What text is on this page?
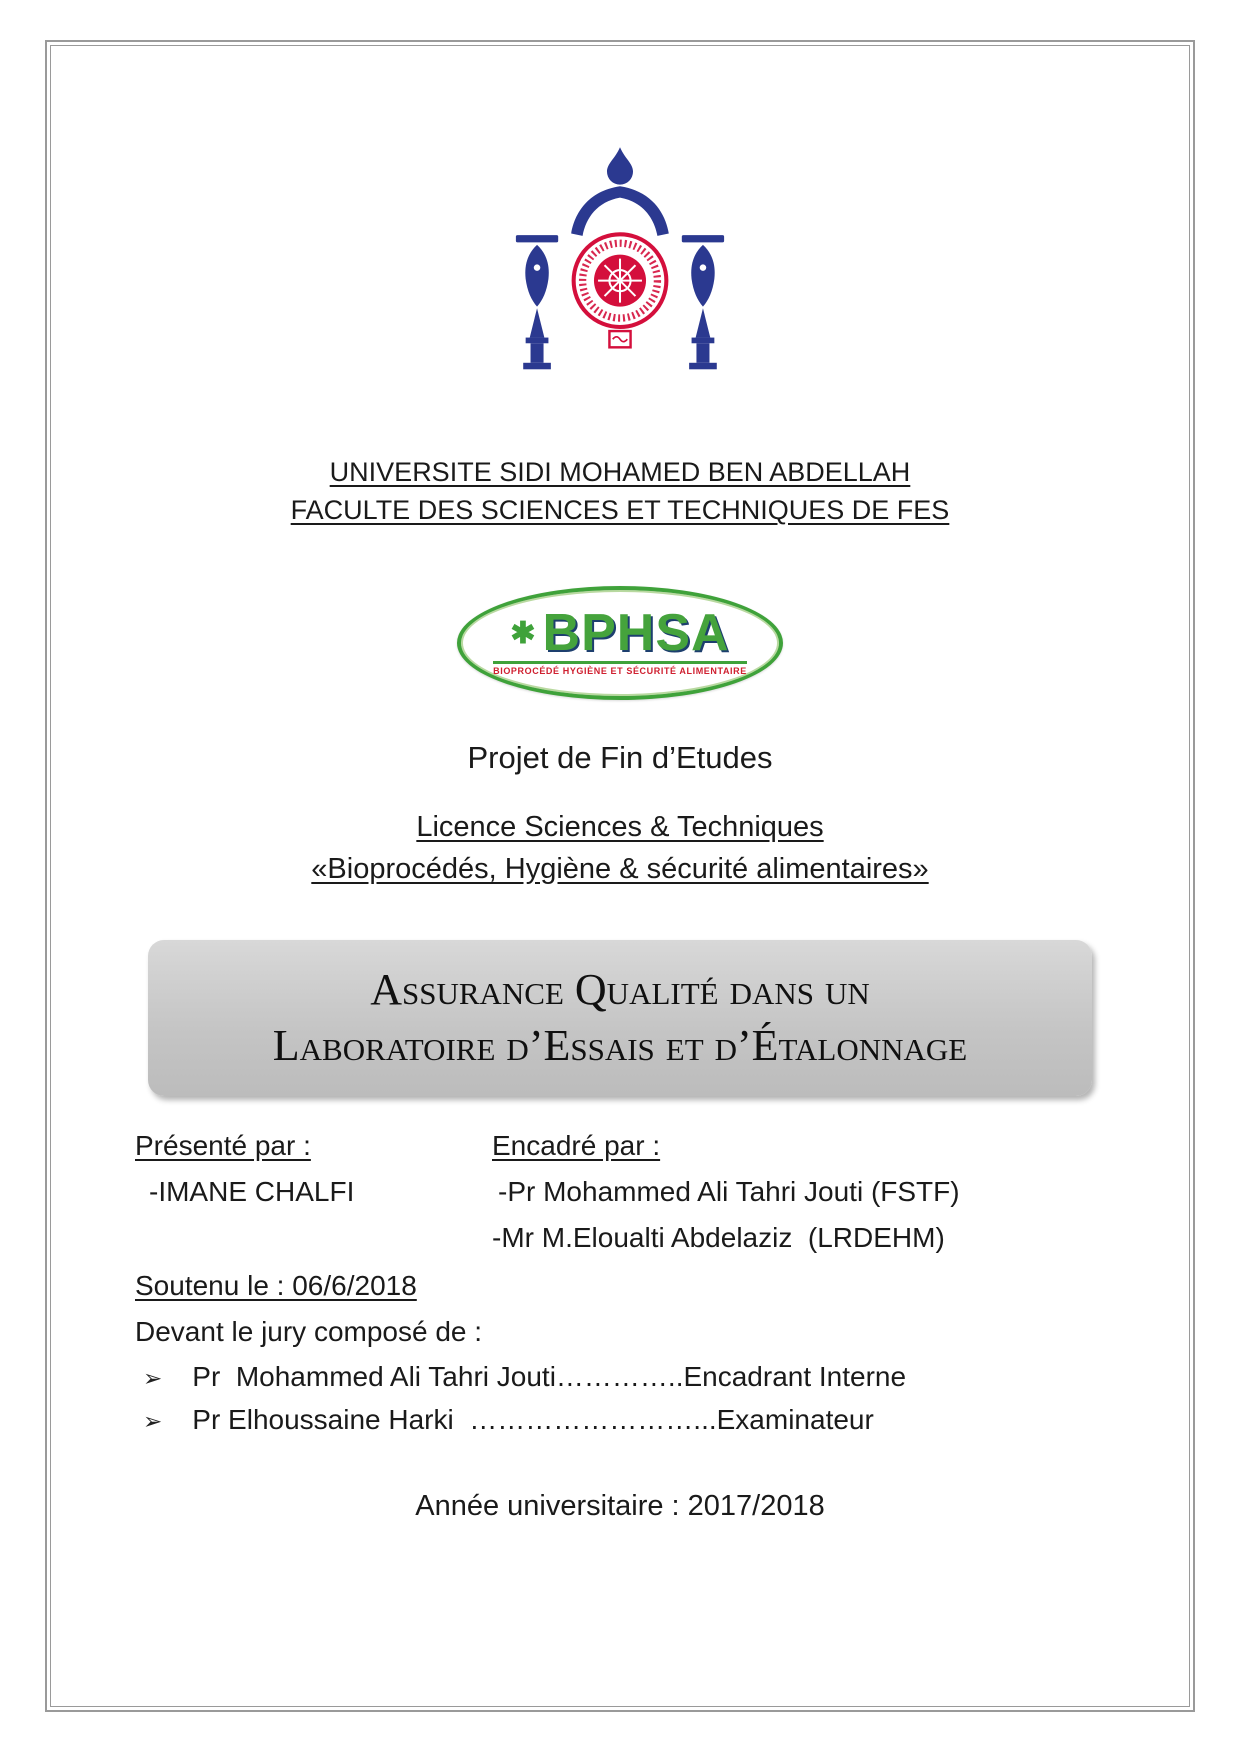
UNIVERSITE SIDI MOHAMED BEN ABDELLAH
FACULTE DES SCIENCES ET TECHNIQUES DE FES
✱ BPHSA
BIOPROCÉDÉ HYGIÈNE ET SÉCURITÉ ALIMENTAIRE
Projet de Fin d’Etudes
Licence Sciences & Techniques
«Bioprocédés, Hygiène & sécurité alimentaires»
Assurance Qualité dans un
Laboratoire d’Essais et d’Étalonnage
Présenté par :
-IMANE CHALFI
Encadré par :
-Pr Mohammed Ali Tahri Jouti (FSTF)
-Mr M.Eloualti Abdelaziz  (LRDEHM)
Soutenu le : 06/6/2018
Devant le jury composé de :
➢ Pr  Mohammed Ali Tahri Jouti…………..Encadrant Interne
➢ Pr Elhoussaine Harki  ……………………...Examinateur
Année universitaire : 2017/2018
